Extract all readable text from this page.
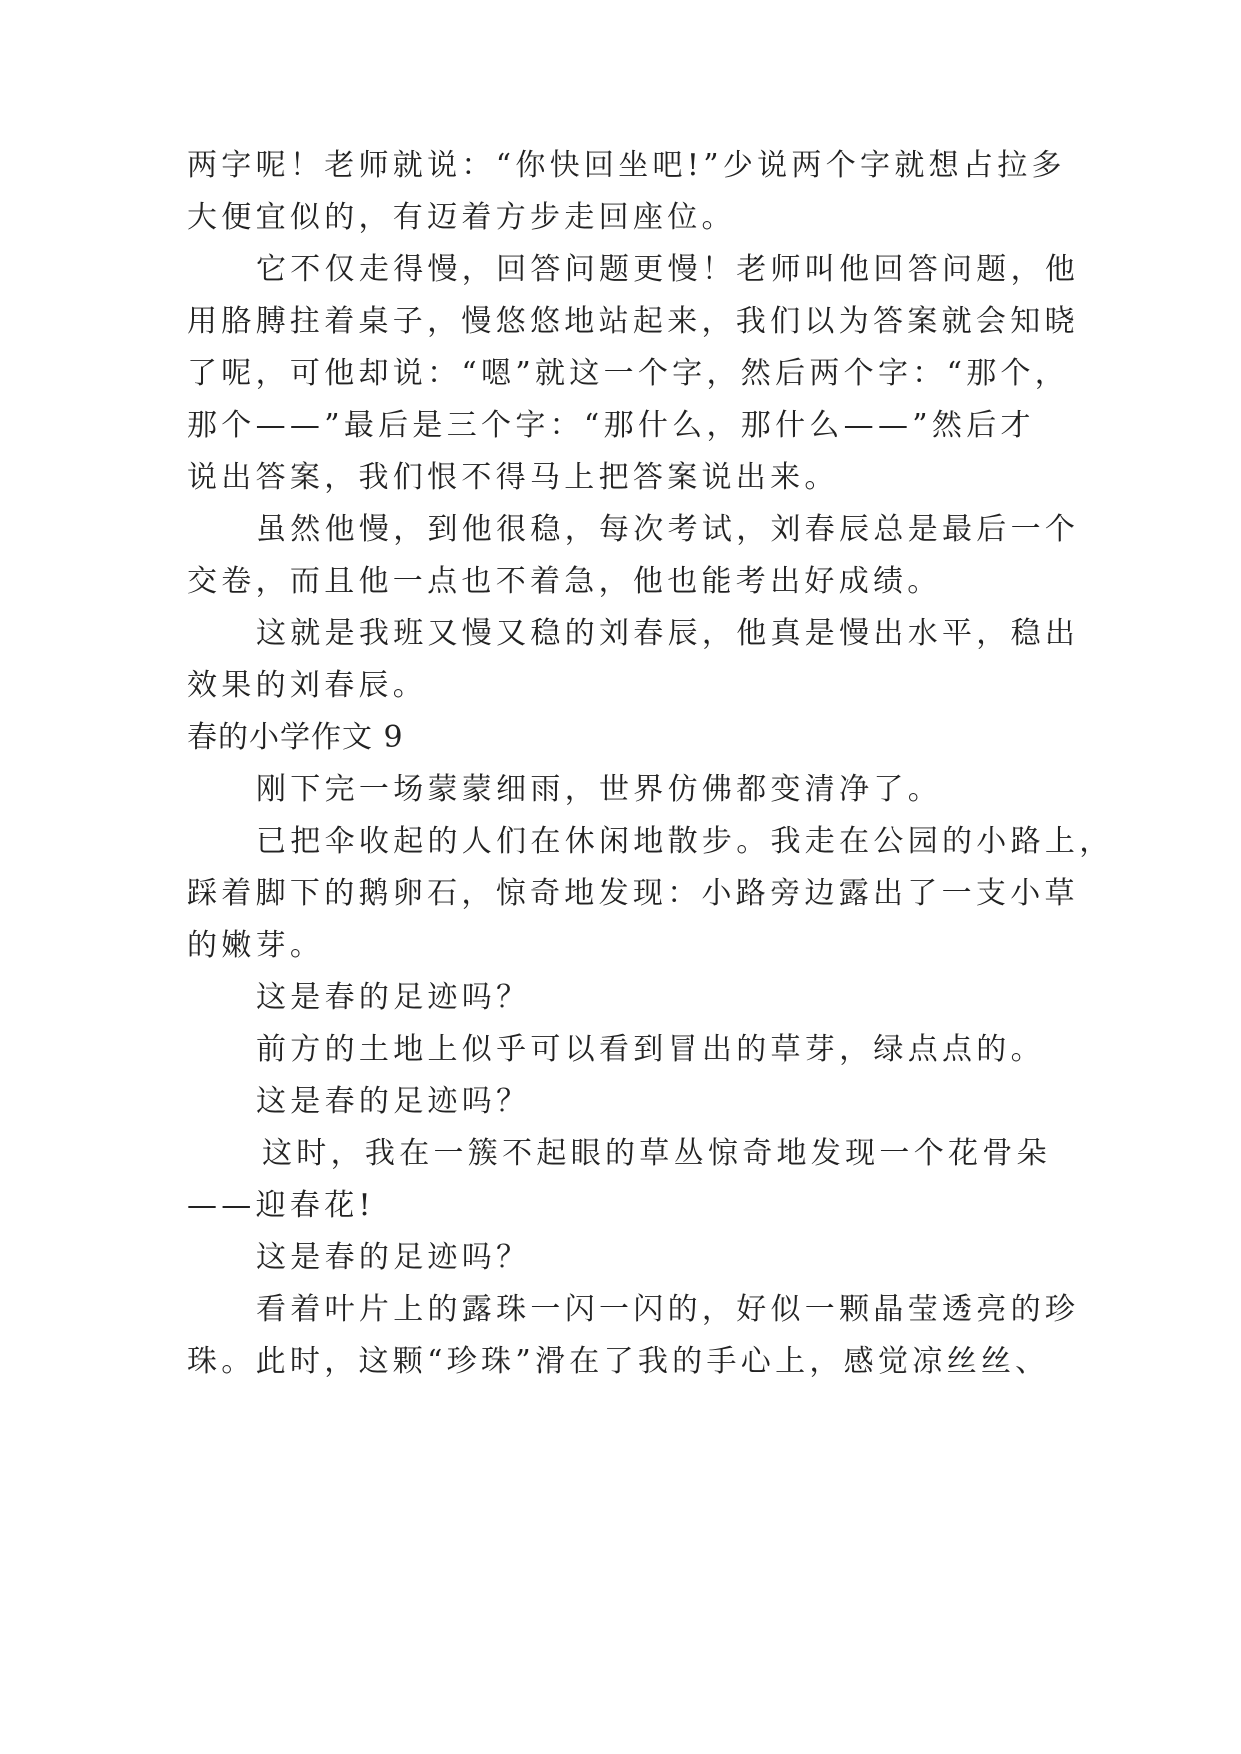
两字呢！老师就说：“你快回坐吧!”少说两个字就想占拉多
大便宜似的，有迈着方步走回座位。
它不仅走得慢，回答问题更慢！老师叫他回答问题，他
用胳膊拄着桌子，慢悠悠地站起来，我们以为答案就会知晓
了呢，可他却说：“嗯”就这一个字，然后两个字：“那个，
那个——”最后是三个字：“那什么，那什么——”然后才
说出答案，我们恨不得马上把答案说出来。
虽然他慢，到他很稳，每次考试，刘春辰总是最后一个
交卷，而且他一点也不着急，他也能考出好成绩。
这就是我班又慢又稳的刘春辰，他真是慢出水平，稳出
效果的刘春辰。
春的小学作文 9
刚下完一场蒙蒙细雨，世界仿佛都变清净了。
已把伞收起的人们在休闲地散步。我走在公园的小路上，
踩着脚下的鹅卵石，惊奇地发现：小路旁边露出了一支小草
的嫩芽。
这是春的足迹吗？
前方的土地上似乎可以看到冒出的草芽，绿点点的。
这是春的足迹吗？
这时，我在一簇不起眼的草丛惊奇地发现一个花骨朵
——迎春花!
这是春的足迹吗？
看着叶片上的露珠一闪一闪的，好似一颗晶莹透亮的珍
珠。此时，这颗“珍珠”滑在了我的手心上，感觉凉丝丝、
